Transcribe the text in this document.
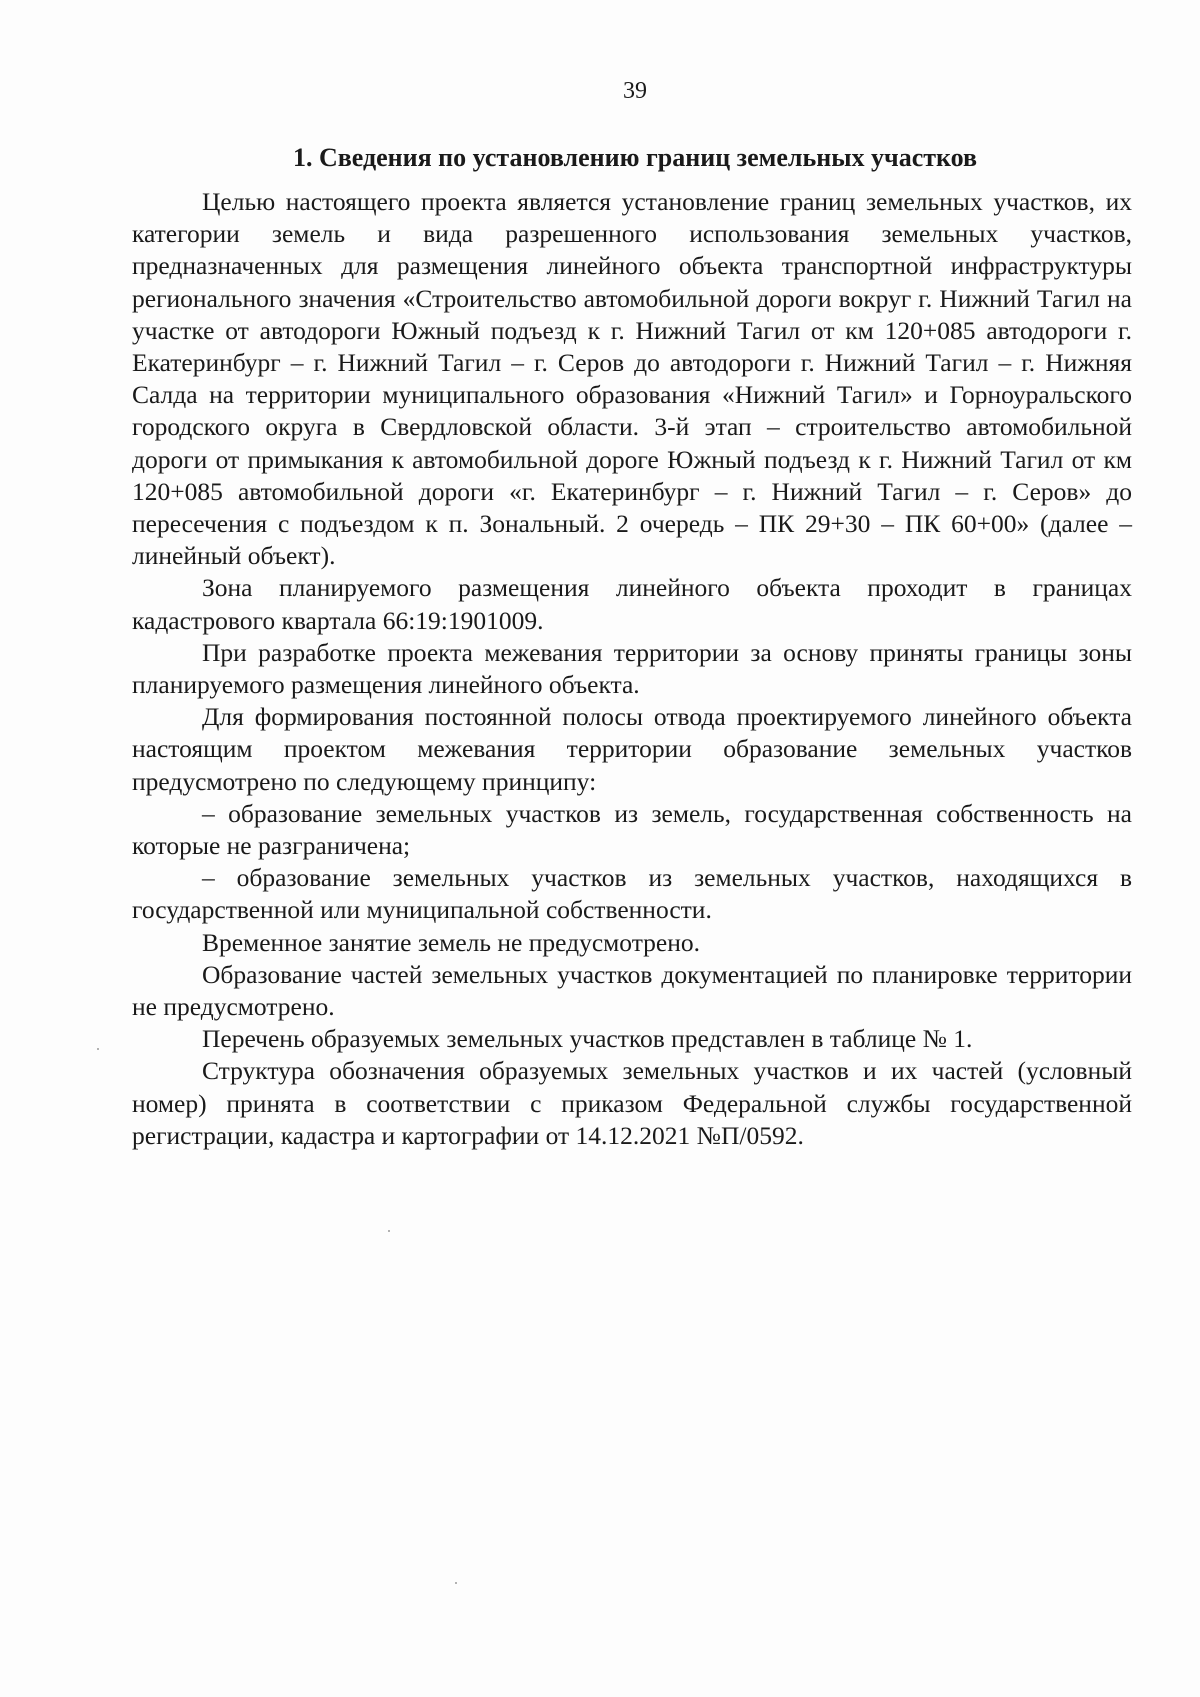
39
1. Сведения по установлению границ земельных участков

Целью настоящего проекта является установление границ земельных участков, их категории земель и вида разрешенного использования земельных участков, предназначенных для размещения линейного объекта транспортной инфраструктуры регионального значения «Строительство автомобильной дороги вокруг г. Нижний Тагил на участке от автодороги Южный подъезд к г. Нижний Тагил от км 120+085 автодороги г. Екатеринбург – г. Нижний Тагил – г. Серов до автодороги г. Нижний Тагил – г. Нижняя Салда на территории муниципального образования «Нижний Тагил» и Горноуральского городского округа в Свердловской области. 3-й этап – строительство автомобильной дороги от примыкания к автомобильной дороге Южный подъезд к г. Нижний Тагил от км 120+085 автомобильной дороги «г. Екатеринбург – г. Нижний Тагил – г. Серов» до пересечения с подъездом к п. Зональный. 2 очередь – ПК 29+30 – ПК 60+00» (далее – линейный объект).

Зона планируемого размещения линейного объекта проходит в границах кадастрового квартала 66:19:1901009.

При разработке проекта межевания территории за основу приняты границы зоны планируемого размещения линейного объекта.

Для формирования постоянной полосы отвода проектируемого линейного объекта настоящим проектом межевания территории образование земельных участков предусмотрено по следующему принципу:

– образование земельных участков из земель, государственная собственность на которые не разграничена;

– образование земельных участков из земельных участков, находящихся в государственной или муниципальной собственности.

Временное занятие земель не предусмотрено.

Образование частей земельных участков документацией по планировке территории не предусмотрено.

Перечень образуемых земельных участков представлен в таблице № 1.

Структура обозначения образуемых земельных участков и их частей (условный номер) принята в соответствии с приказом Федеральной службы государственной регистрации, кадастра и картографии от 14.12.2021 №П/0592.
